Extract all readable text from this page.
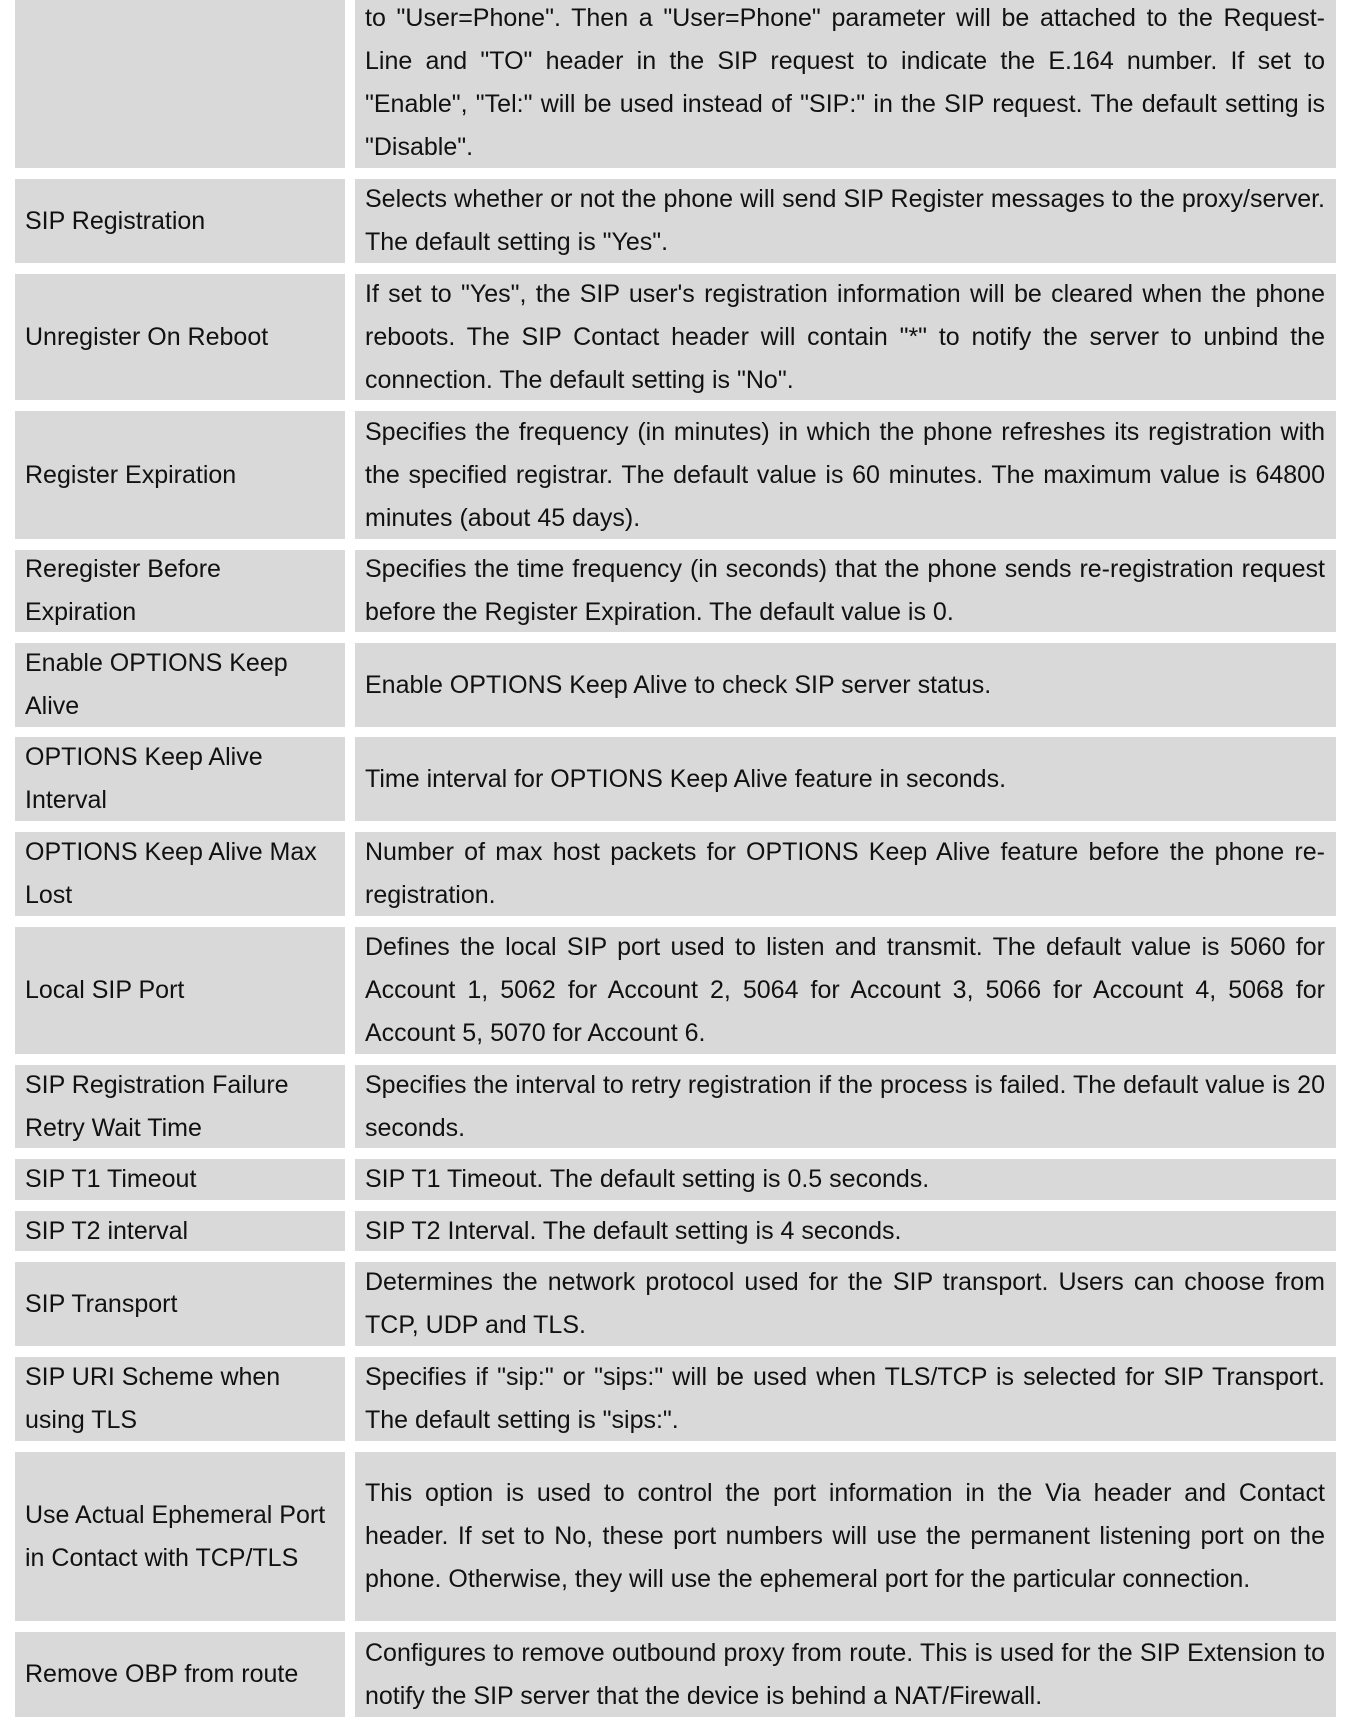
to "User=Phone". Then a "User=Phone" parameter will be attached to the Request-Line and "TO" header in the SIP request to indicate the E.164 number. If set to "Enable", "Tel:" will be used instead of "SIP:" in the SIP request. The default setting is "Disable".
SIP Registration
Selects whether or not the phone will send SIP Register messages to the proxy/server. The default setting is "Yes".
Unregister On Reboot
If set to "Yes", the SIP user's registration information will be cleared when the phone reboots. The SIP Contact header will contain "*" to notify the server to unbind the connection. The default setting is "No".
Register Expiration
Specifies the frequency (in minutes) in which the phone refreshes its registration with the specified registrar. The default value is 60 minutes. The maximum value is 64800 minutes (about 45 days).
Reregister Before Expiration
Specifies the time frequency (in seconds) that the phone sends re-registration request before the Register Expiration. The default value is 0.
Enable OPTIONS Keep Alive
Enable OPTIONS Keep Alive to check SIP server status.
OPTIONS Keep Alive Interval
Time interval for OPTIONS Keep Alive feature in seconds.
OPTIONS Keep Alive Max Lost
Number of max host packets for OPTIONS Keep Alive feature before the phone re-registration.
Local SIP Port
Defines the local SIP port used to listen and transmit. The default value is 5060 for Account 1, 5062 for Account 2, 5064 for Account 3, 5066 for Account 4, 5068 for Account 5, 5070 for Account 6.
SIP Registration Failure Retry Wait Time
Specifies the interval to retry registration if the process is failed. The default value is 20 seconds.
SIP T1 Timeout	SIP T1 Timeout. The default setting is 0.5 seconds.
SIP T2 interval	SIP T2 Interval. The default setting is 4 seconds.
SIP Transport
Determines the network protocol used for the SIP transport. Users can choose from TCP, UDP and TLS.
SIP URI Scheme when using TLS
Specifies if "sip:" or "sips:" will be used when TLS/TCP is selected for SIP Transport. The default setting is "sips:".
Use Actual Ephemeral Port in Contact with TCP/TLS
This option is used to control the port information in the Via header and Contact header. If set to No, these port numbers will use the permanent listening port on the phone. Otherwise, they will use the ephemeral port for the particular connection.
Remove OBP from route
Configures to remove outbound proxy from route. This is used for the SIP Extension to notify the SIP server that the device is behind a NAT/Firewall.
